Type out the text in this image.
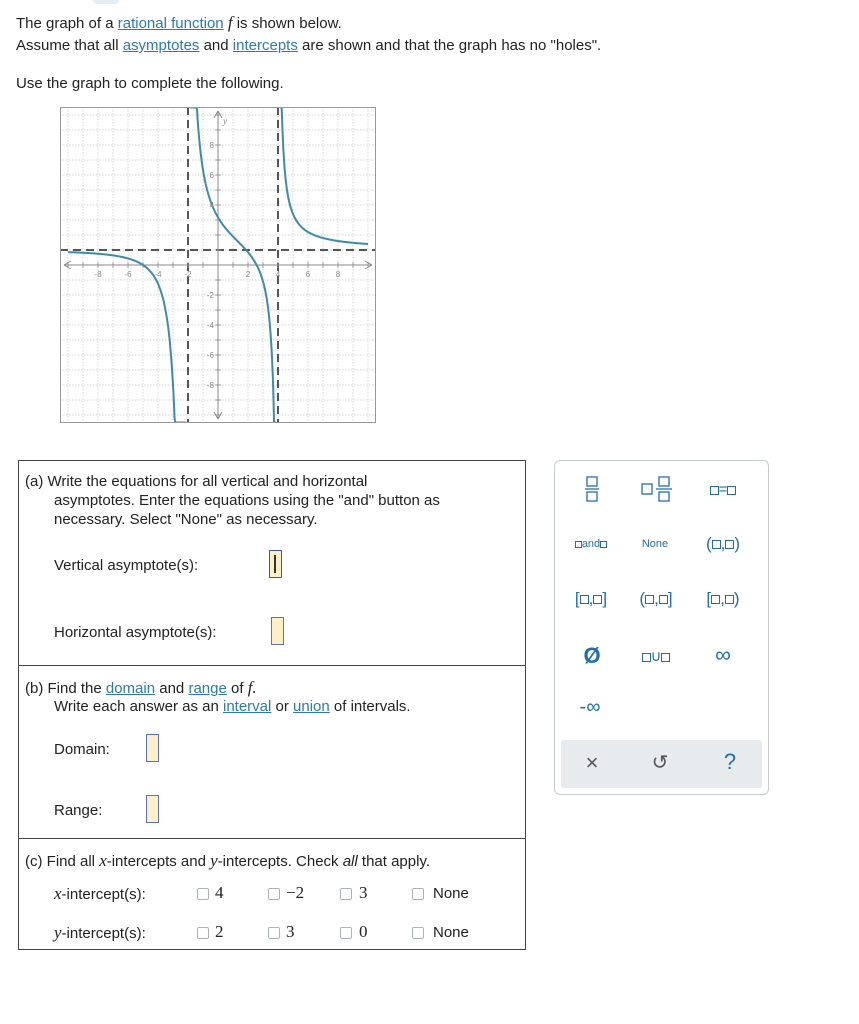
The graph of a rational function f is shown below.
Assume that all asymptotes and intercepts are shown and that the graph has no "holes".
Use the graph to complete the following.
-8	-6	-4	-2	2	4	6	8
8
6
4
-2
-4
-6
-8
y
(a) Write the equations for all vertical and horizontal
asymptotes. Enter the equations using the "and" button as
necessary. Select "None" as necessary.
Vertical asymptote(s):
Horizontal asymptote(s):
(b) Find the domain and range of f.
Write each answer as an interval or union of intervals.
Domain:
Range:
(c) Find all x-intercepts and y-intercepts. Check all that apply.
x-intercept(s):	4	−2	3	None
y-intercept(s):	2	3	0	None
=
and	None	( , )
[ , ]	( , ]	[ , )
Ø	∪	∞
-∞
×	↺	?
